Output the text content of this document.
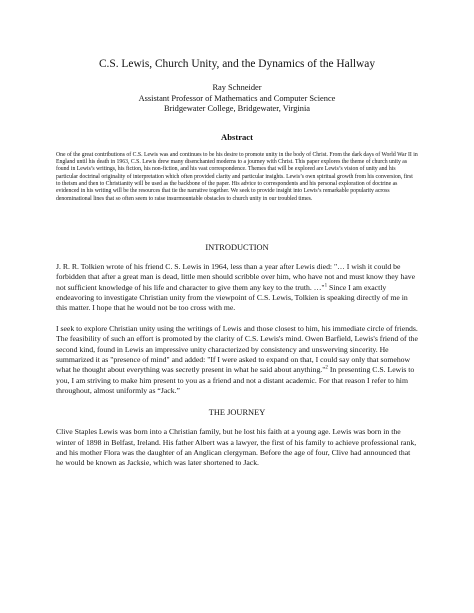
C.S. Lewis, Church Unity, and the Dynamics of the Hallway
Ray Schneider
Assistant Professor of Mathematics and Computer Science
Bridgewater College, Bridgewater, Virginia
Abstract

One of the great contributions of C.S. Lewis was and continues to be his desire to promote unity in the body of Christ. From the dark days of World War II in England until his death in 1963, C.S. Lewis drew many disenchanted moderns to a journey with Christ. This paper explores the theme of church unity as found in Lewis’s writings, his fiction, his non-fiction, and his vast correspondence. Themes that will be explored are Lewis’s vision of unity and his particular doctrinal originality of interpretation which often provided clarity and particular insights. Lewis’s own spiritual growth from his conversion, first to theism and then to Christianity will be used as the backbone of the paper. His advice to correspondents and his personal exploration of doctrine as evidenced in his writing will be the resources that tie the narrative together. We seek to provide insight into Lewis’s remarkable popularity across denominational lines that so often seem to raise insurmountable obstacles to church unity in our troubled times.

INTRODUCTION

J. R. R. Tolkien wrote of his friend C. S. Lewis in 1964, less than a year after Lewis died: "… I wish it could be forbidden that after a great man is dead, little men should scribble over him, who have not and must know they have not sufficient knowledge of his life and character to give them any key to the truth. …"$^1$ Since I am exactly endeavoring to investigate Christian unity from the viewpoint of C.S. Lewis, Tolkien is speaking directly of me in this matter. I hope that he would not be too cross with me.

I seek to explore Christian unity using the writings of Lewis and those closest to him, his immediate circle of friends. The feasibility of such an effort is promoted by the clarity of C.S. Lewis's mind. Owen Barfield, Lewis's friend of the second kind, found in Lewis an impressive unity characterized by consistency and unswerving sincerity. He summarized it as "presence of mind" and added: "If I were asked to expand on that, I could say only that somehow what he thought about everything was secretly present in what he said about anything."$^2$ In presenting C.S. Lewis to you, I am striving to make him present to you as a friend and not a distant academic. For that reason I refer to him throughout, almost uniformly as “Jack.”

THE JOURNEY

Clive Staples Lewis was born into a Christian family, but he lost his faith at a young age. Lewis was born in the winter of 1898 in Belfast, Ireland. His father Albert was a lawyer, the first of his family to achieve professional rank, and his mother Flora was the daughter of an Anglican clergyman. Before the age of four, Clive had announced that he would be known as Jacksie, which was later shortened to Jack.
